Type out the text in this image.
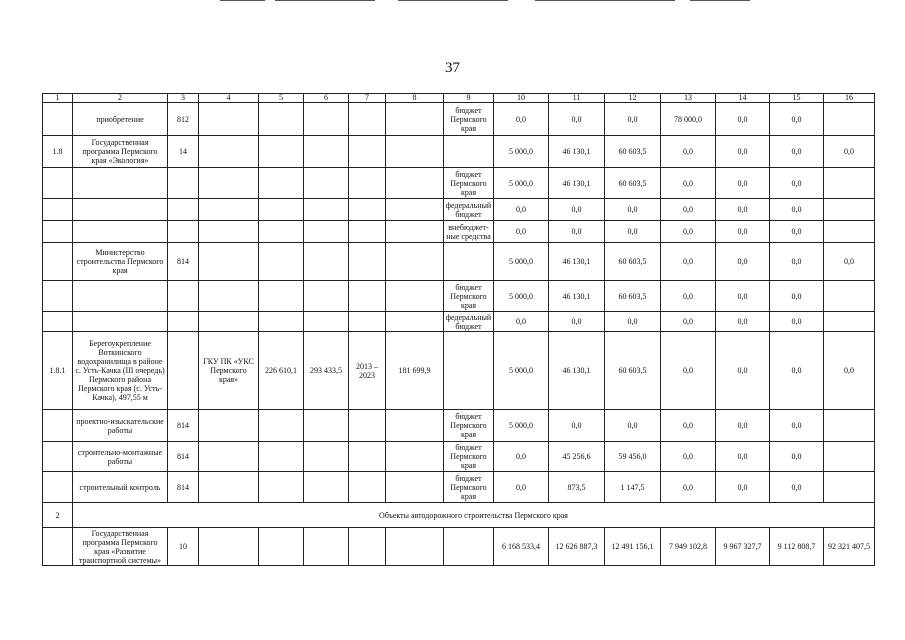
37
1	2	3	4	5	6	7	8	9	10	11	12	13	14	15	16
	приобретение	812						бюджет Пермского края	0,0	0,0	0,0	78 000,0	0,0	0,0	
1.8	Государственная программа Пермского края «Экология»	14							5 000,0	46 130,1	60 603,5	0,0	0,0	0,0	0,0
								бюджет Пермского края	5 000,0	46 130,1	60 603,5	0,0	0,0	0,0	
								федеральный бюджет	0,0	0,0	0,0	0,0	0,0	0,0	
								внебюджет-ные средства	0,0	0,0	0,0	0,0	0,0	0,0	
	Министерство строительства Пермского края	814							5 000,0	46 130,1	60 603,5	0,0	0,0	0,0	0,0
								бюджет Пермского края	5 000,0	46 130,1	60 603,5	0,0	0,0	0,0	
								федеральный бюджет	0,0	0,0	0,0	0,0	0,0	0,0	
1.8.1	Берегоукрепление Воткинского водохранилища в районе с. Усть-Качка (III очередь) Пермского района Пермского края (с. Усть-Качка), 497,55 м		ГКУ ПК «УКС Пермского края»	226 610,1	293 433,5	2013 – 2023	181 699,9		5 000,0	46 130,1	60 603,5	0,0	0,0	0,0	0,0
	проектно-изыскательские работы	814						бюджет Пермского края	5 000,0	0,0	0,0	0,0	0,0	0,0	
	строительно-монтажные работы	814						бюджет Пермского края	0,0	45 256,6	59 456,0	0,0	0,0	0,0	
	строительный контроль	814						бюджет Пермского края	0,0	873,5	1 147,5	0,0	0,0	0,0	
2	Объекты автодорожного строительства Пермского края														
	Государственная программа Пермского края «Развитие транспортной системы»	10							6 168 533,4	12 626 887,3	12 491 156,1	7 949 102,8	9 967 327,7	9 112 808,7	92 321 407,5
